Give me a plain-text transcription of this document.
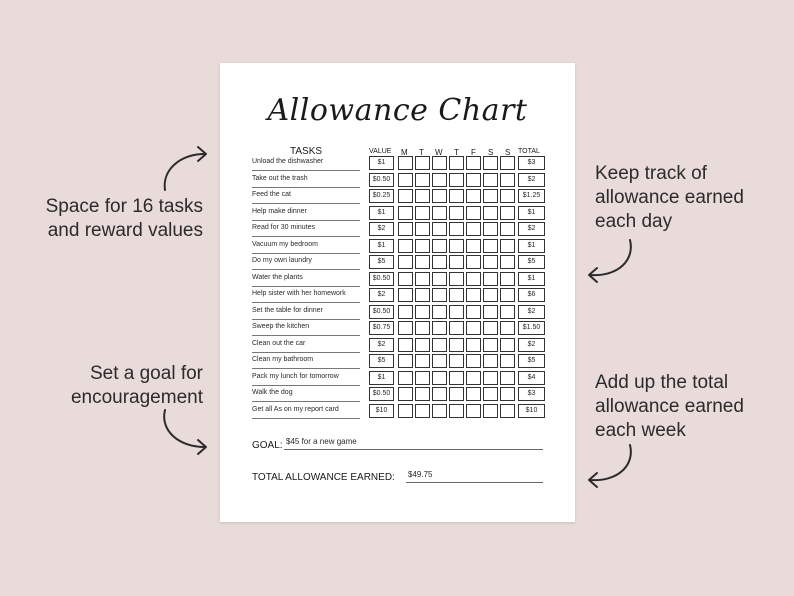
Space for 16 tasks
and reward values
Set a goal for
encouragement
Keep track of
allowance earned
each day
Add up the total
allowance earned
each week
Allowance Chart
TASKS	VALUE M T W T F S S TOTAL
Unload the dishwasher	$1	$3
Take out the trash	$0.50	$2
Feed the cat	$0.25	$1.25
Help make dinner	$1	$1
Read for 30 minutes	$2	$2
Vacuum my bedroom	$1	$1
Do my own laundry	$5	$5
Water the plants	$0.50	$1
Help sister with her homework	$2	$6
Set the table for dinner	$0.50	$2
Sweep the kitchen	$0.75	$1.50
Clean out the car	$2	$2
Clean my bathroom	$5	$5
Pack my lunch for tomorrow	$1	$4
Walk the dog	$0.50	$3
Get all As on my report card	$10	$10
GOAL: $45 for a new game
TOTAL ALLOWANCE EARNED: $49.75
